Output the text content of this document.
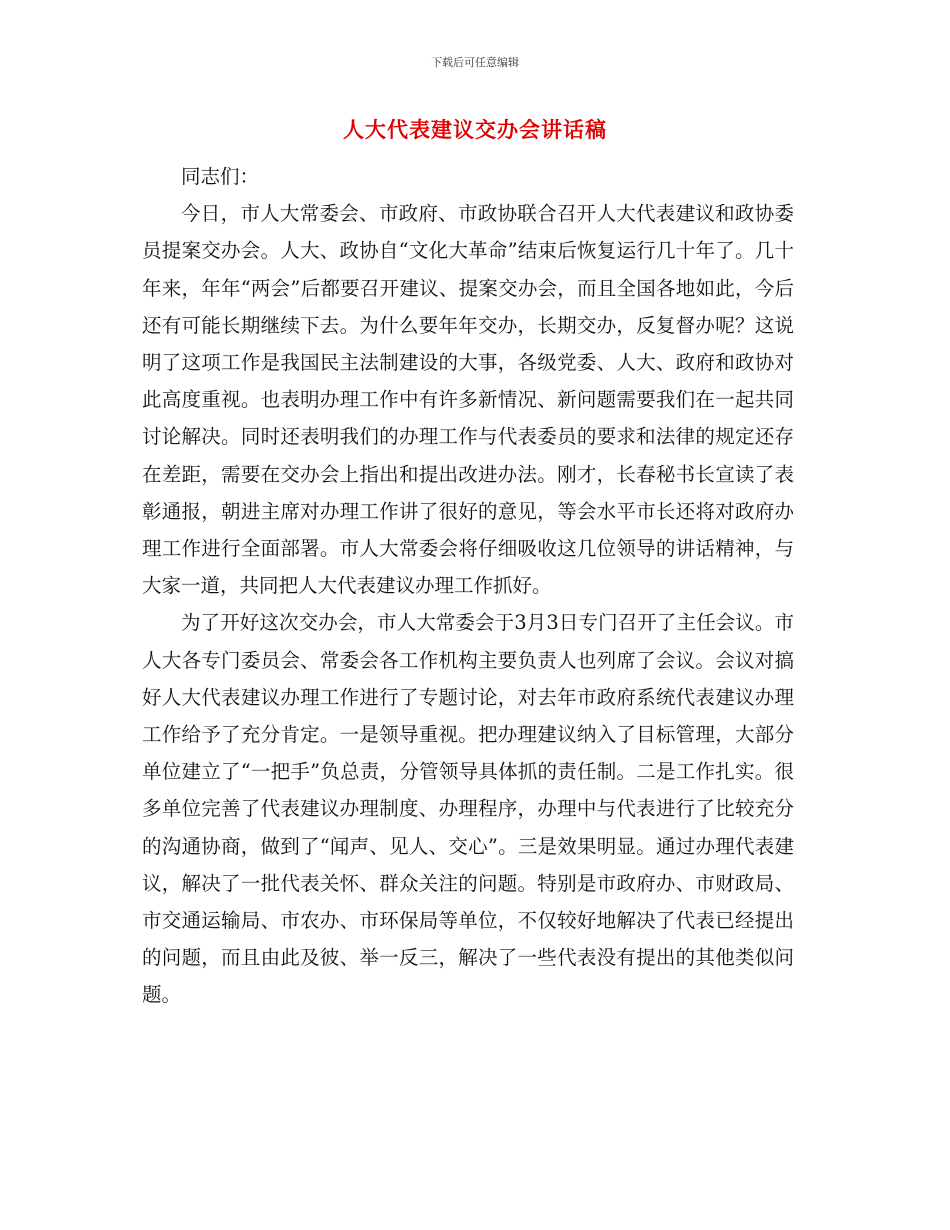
下载后可任意编辑
人大代表建议交办会讲话稿

同志们：

今日，市人大常委会、市政府、市政协联合召开人大代表建议和政协委员提案交办会。人大、政协自“文化大革命”结束后恢复运行几十年了。几十年来，年年“两会”后都要召开建议、提案交办会，而且全国各地如此，今后还有可能长期继续下去。为什么要年年交办，长期交办，反复督办呢？这说明了这项工作是我国民主法制建设的大事，各级党委、人大、政府和政协对此高度重视。也表明办理工作中有许多新情况、新问题需要我们在一起共同讨论解决。同时还表明我们的办理工作与代表委员的要求和法律的规定还存在差距，需要在交办会上指出和提出改进办法。刚才，长春秘书长宣读了表彰通报，朝进主席对办理工作讲了很好的意见，等会水平市长还将对政府办理工作进行全面部署。市人大常委会将仔细吸收这几位领导的讲话精神，与大家一道，共同把人大代表建议办理工作抓好。

为了开好这次交办会，市人大常委会于3月3日专门召开了主任会议。市人大各专门委员会、常委会各工作机构主要负责人也列席了会议。会议对搞好人大代表建议办理工作进行了专题讨论，对去年市政府系统代表建议办理工作给予了充分肯定。一是领导重视。把办理建议纳入了目标管理，大部分单位建立了“一把手”负总责，分管领导具体抓的责任制。二是工作扎实。很多单位完善了代表建议办理制度、办理程序，办理中与代表进行了比较充分的沟通协商，做到了“闻声、见人、交心”。三是效果明显。通过办理代表建议，解决了一批代表关怀、群众关注的问题。特别是市政府办、市财政局、市交通运输局、市农办、市环保局等单位，不仅较好地解决了代表已经提出的问题，而且由此及彼、举一反三，解决了一些代表没有提出的其他类似问题。
